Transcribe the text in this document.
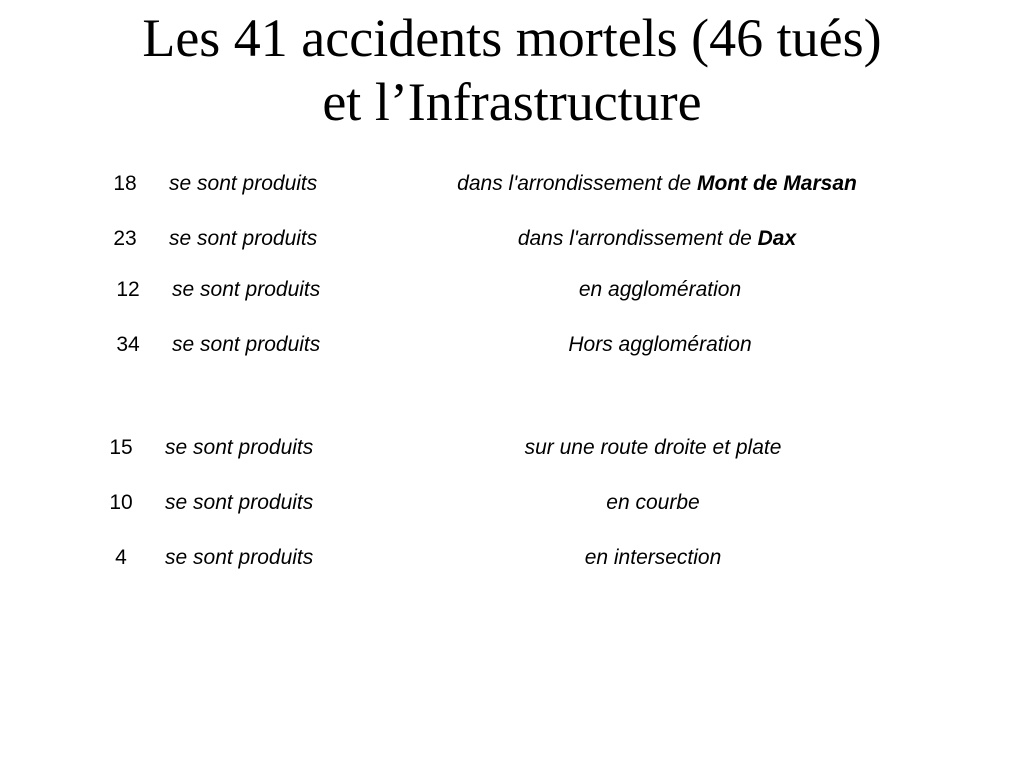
Les 41 accidents mortels (46 tués)
et l’Infrastructure
18	se sont produits	dans l'arrondissement de Mont de Marsan
23	se sont produits	dans l'arrondissement de Dax
12	se sont produits	en agglomération
34	se sont produits	Hors agglomération
15	se sont produits	sur une route droite et plate
10	se sont produits	en courbe
4	se sont produits	en intersection
